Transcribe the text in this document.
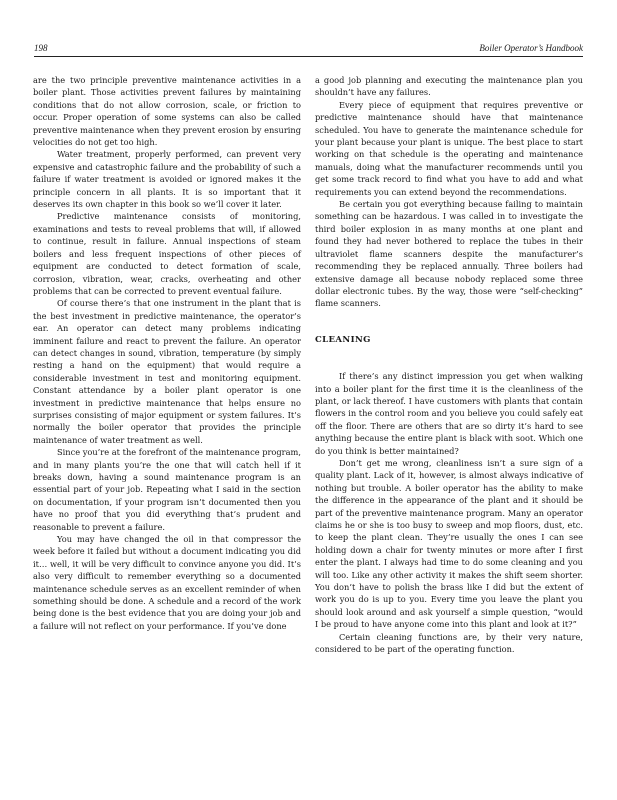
198	Boiler Operator’s Handbook

are the two principle preventive maintenance activities in a boiler plant. Those activities prevent failures by maintaining conditions that do not allow corrosion, scale, or friction to occur. Proper operation of some systems can also be called preventive maintenance when they prevent erosion by ensuring velocities do not get too high.

Water treatment, properly performed, can prevent very expensive and catastrophic failure and the probability of such a failure if water treatment is avoided or ignored makes it the principle concern in all plants. It is so important that it deserves its own chapter in this book so we’ll cover it later.

Predictive maintenance consists of monitoring, examinations and tests to reveal problems that will, if allowed to continue, result in failure. Annual inspections of steam boilers and less frequent inspections of other pieces of equipment are conducted to detect formation of scale, corrosion, vibration, wear, cracks, overheating and other problems that can be corrected to prevent eventual failure.

Of course there’s that one instrument in the plant that is the best investment in predictive maintenance, the operator’s ear. An operator can detect many problems indicating imminent failure and react to prevent the failure. An operator can detect changes in sound, vibration, temperature (by simply resting a hand on the equipment) that would require a considerable investment in test and monitoring equipment. Constant attendance by a boiler plant operator is one investment in predictive maintenance that helps ensure no surprises consisting of major equipment or system failures. It’s normally the boiler operator that provides the principle maintenance of water treatment as well.

Since you’re at the forefront of the maintenance program, and in many plants you’re the one that will catch hell if it breaks down, having a sound maintenance program is an essential part of your job. Repeating what I said in the section on documentation, if your program isn’t documented then you have no proof that you did everything that’s prudent and reasonable to prevent a failure.

You may have changed the oil in that compressor the week before it failed but without a document indicating you did it… well, it will be very difficult to convince anyone you did. It’s also very difficult to remember everything so a documented maintenance schedule serves as an excellent reminder of when something should be done. A schedule and a record of the work being done is the best evidence that you are doing your job and a failure will not reflect on your performance. If you’ve done

a good job planning and executing the maintenance plan you shouldn’t have any failures.

Every piece of equipment that requires preventive or predictive maintenance should have that maintenance scheduled. You have to generate the maintenance schedule for your plant because your plant is unique. The best place to start working on that schedule is the operating and maintenance manuals, doing what the manufacturer recommends until you get some track record to find what you have to add and what requirements you can extend beyond the recommendations.

Be certain you got everything because failing to maintain something can be hazardous. I was called in to investigate the third boiler explosion in as many months at one plant and found they had never bothered to replace the tubes in their ultraviolet flame scanners despite the manufacturer’s recommending they be replaced annually. Three boilers had extensive damage all because nobody replaced some three dollar electronic tubes. By the way, those were “self-checking” flame scanners.

CLEANING

If there’s any distinct impression you get when walking into a boiler plant for the first time it is the cleanliness of the plant, or lack thereof. I have customers with plants that contain flowers in the control room and you believe you could safely eat off the floor. There are others that are so dirty it’s hard to see anything because the entire plant is black with soot. Which one do you think is better maintained?

Don’t get me wrong, cleanliness isn’t a sure sign of a quality plant. Lack of it, however, is almost always indicative of nothing but trouble. A boiler operator has the ability to make the difference in the appearance of the plant and it should be part of the preventive maintenance program. Many an operator claims he or she is too busy to sweep and mop floors, dust, etc. to keep the plant clean. They’re usually the ones I can see holding down a chair for twenty minutes or more after I first enter the plant. I always had time to do some cleaning and you will too. Like any other activity it makes the shift seem shorter. You don’t have to polish the brass like I did but the extent of work you do is up to you. Every time you leave the plant you should look around and ask yourself a simple question, “would I be proud to have anyone come into this plant and look at it?”

Certain cleaning functions are, by their very nature, considered to be part of the operating function.
